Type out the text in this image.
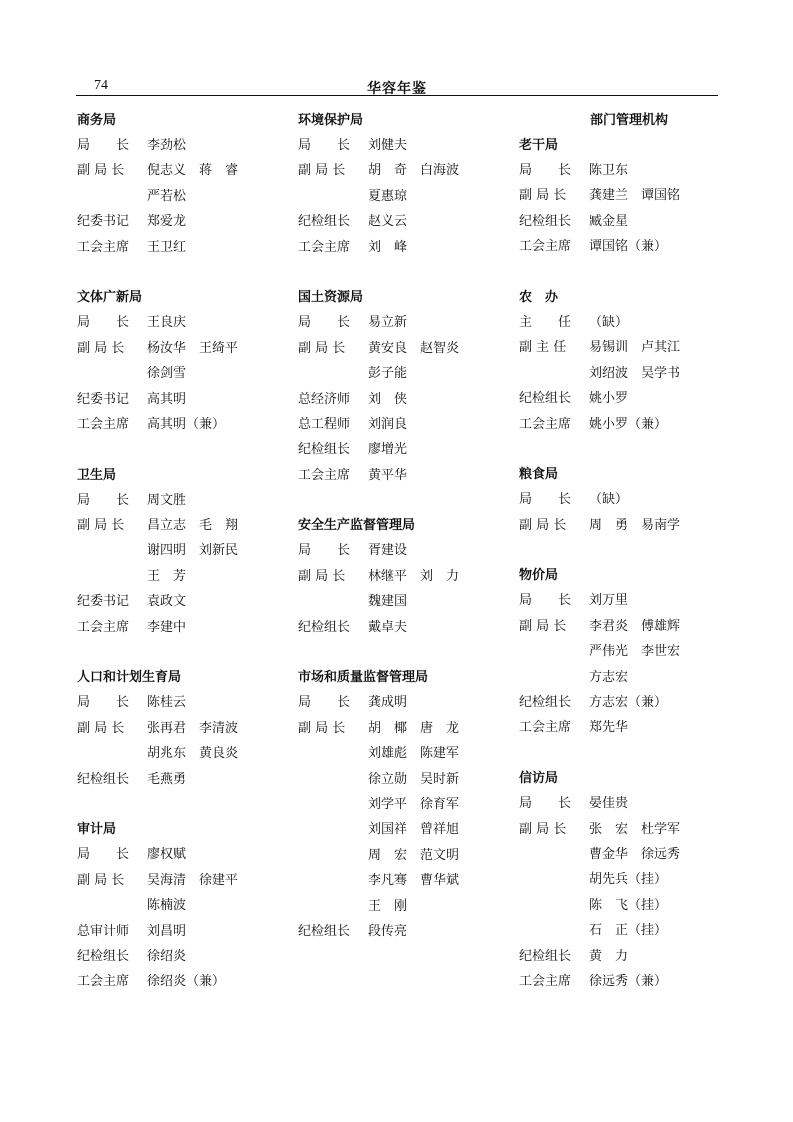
74	华容年鉴
商务局
局　　长	李劲松
副 局 长	倪志义　蒋　睿
严若松
纪委书记	郑爱龙
工会主席	王卫红
文体广新局
局　　长	王良庆
副 局 长	杨汝华　王绮平
徐剑雪
纪委书记	高其明
工会主席	高其明（兼）
卫生局
局　　长	周文胜
副 局 长	昌立志　毛　翔
谢四明　刘新民
王　芳
纪委书记	袁政文
工会主席	李建中
人口和计划生育局
局　　长	陈桂云
副 局 长	张再君　李清波
胡兆东　黄良炎
纪检组长	毛燕勇
审计局
局　　长	廖权赋
副 局 长	吴海清　徐建平
陈楠波
总审计师	刘昌明
纪检组长	徐绍炎
工会主席	徐绍炎（兼）
环境保护局
局　　长	刘健夫
副 局 长	胡　奇　白海波
夏惠琼
纪检组长	赵义云
工会主席	刘　峰
国土资源局
局　　长	易立新
副 局 长	黄安良　赵智炎
彭子能
总经济师	刘　侠
总工程师	刘润良
纪检组长	廖增光
工会主席	黄平华
安全生产监督管理局
局　　长	胥建设
副 局 长	林继平　刘　力
魏建国
纪检组长	戴卓夫
市场和质量监督管理局
局　　长	龚成明
副 局 长	胡　椰　唐　龙
刘雄彪　陈建军
徐立勋　吴时新
刘学平　徐育军
刘国祥　曾祥旭
周　宏　范文明
李凡骞　曹华斌
王　刚
纪检组长	段传亮
部门管理机构
老干局
局　　长	陈卫东
副 局 长	龚建兰　谭国铭
纪检组长	臧金星
工会主席	谭国铭（兼）
农　办
主　　任	（缺）
副 主 任	易锡训　卢其江
刘绍波　吴学书
纪检组长	姚小罗
工会主席	姚小罗（兼）
粮食局
局　　长	（缺）
副 局 长	周　勇　易南学
物价局
局　　长	刘万里
副 局 长	李君炎　傅雄辉
严伟光　李世宏
方志宏
纪检组长	方志宏（兼）
工会主席	郑先华
信访局
局　　长	晏佳贵
副 局 长	张　宏　杜学军
曹金华　徐远秀
胡先兵（挂）
陈　飞（挂）
石　正（挂）
纪检组长	黄　力
工会主席	徐远秀（兼）
